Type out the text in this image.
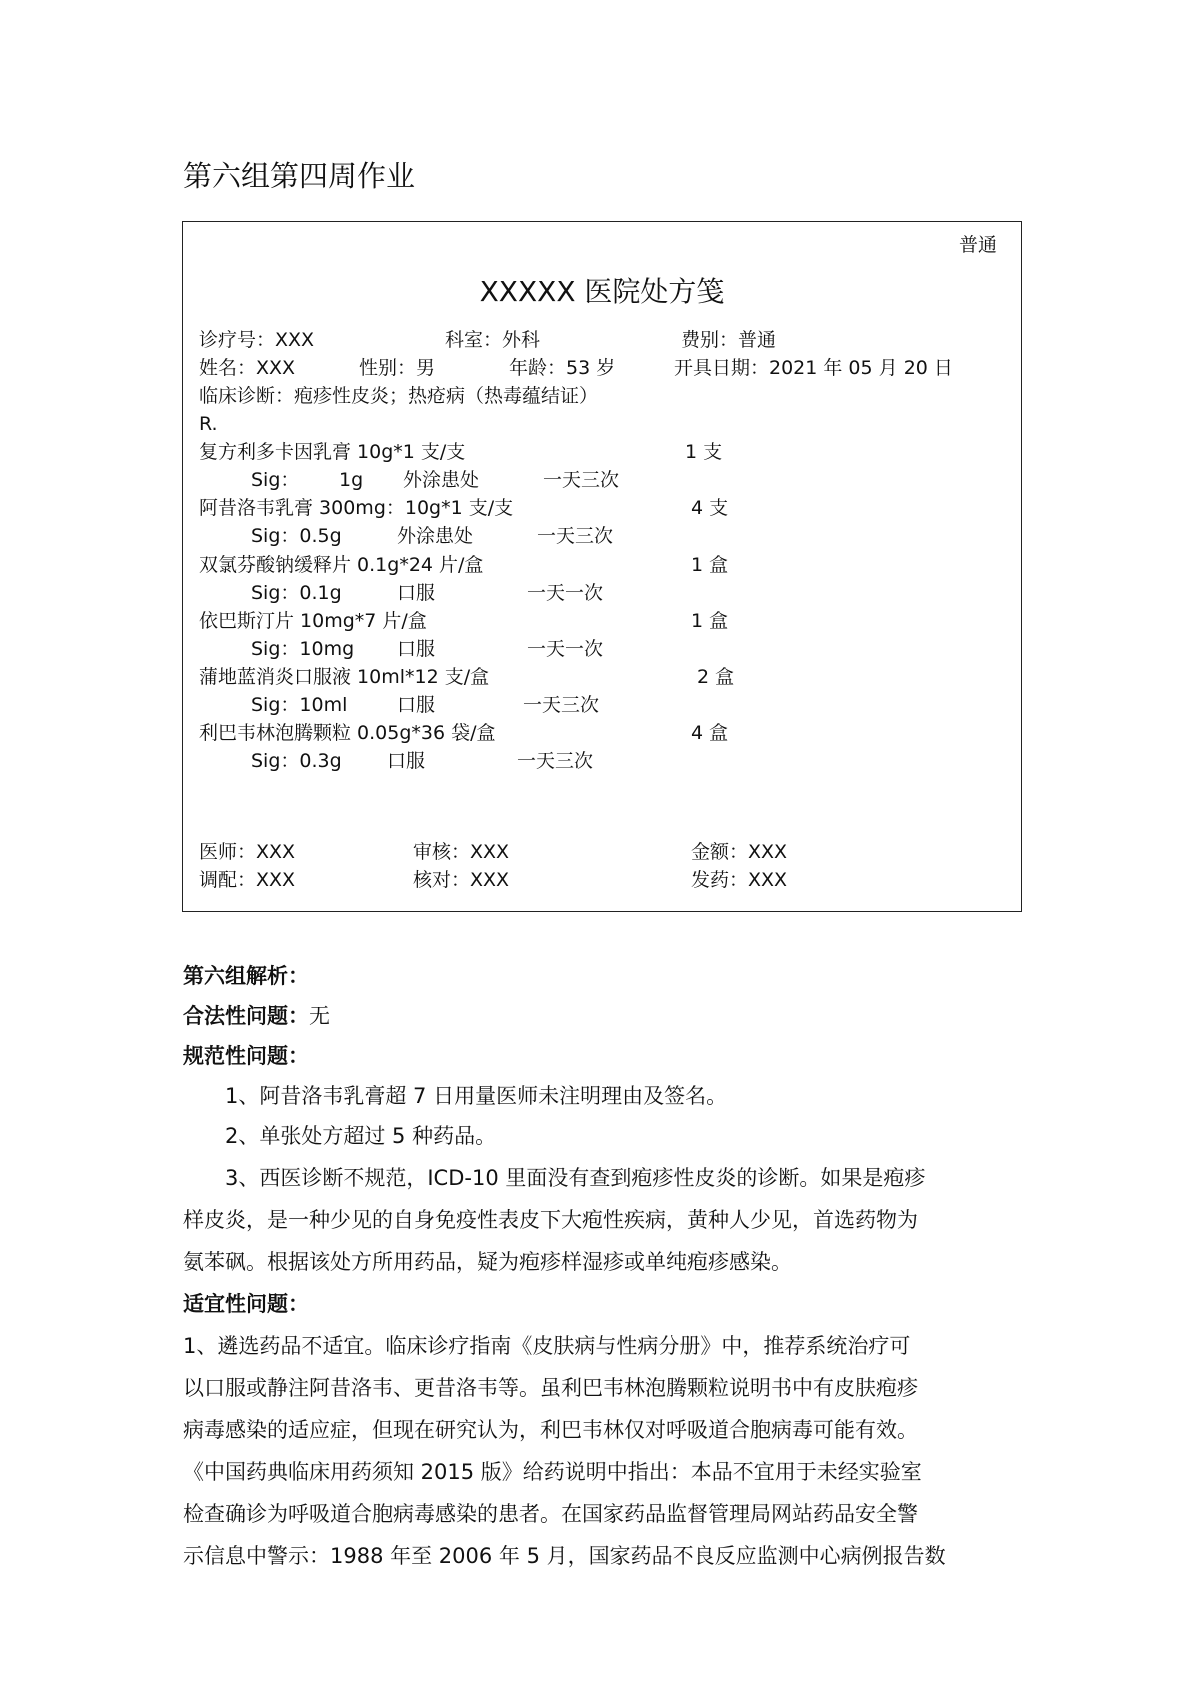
第六组第四周作业
普通
XXXXX 医院处方笺
诊疗号：XXX	科室：外科	费别：普通
姓名：XXX	性别：男	年龄：53 岁	开具日期：2021 年 05 月 20 日
临床诊断：疱疹性皮炎；热疮病（热毒蕴结证）
R.
复方利多卡因乳膏 10g*1 支/支	1 支
Sig： 1g 外涂患处	一天三次
阿昔洛韦乳膏 300mg：10g*1 支/支	4 支
Sig：0.5g	外涂患处	一天三次
双氯芬酸钠缓释片 0.1g*24 片/盒	1 盒
Sig：0.1g	口服	一天一次
依巴斯汀片 10mg*7 片/盒	1 盒
Sig：10mg 口服	一天一次
蒲地蓝消炎口服液 10ml*12 支/盒	2 盒
Sig：10ml	口服	一天三次
利巴韦林泡腾颗粒 0.05g*36 袋/盒	4 盒
Sig：0.3g 口服	一天三次
医师：XXX	审核：XXX	金额：XXX
调配：XXX	核对：XXX	发药：XXX
第六组解析：
合法性问题：无
规范性问题：
1、阿昔洛韦乳膏超 7 日用量医师未注明理由及签名。
2、单张处方超过 5 种药品。
3、西医诊断不规范，ICD-10 里面没有查到疱疹性皮炎的诊断。如果是疱疹
样皮炎，是一种少见的自身免疫性表皮下大疱性疾病，黄种人少见，首选药物为
氨苯砜。根据该处方所用药品，疑为疱疹样湿疹或单纯疱疹感染。
适宜性问题：
1、遴选药品不适宜。临床诊疗指南《皮肤病与性病分册》中，推荐系统治疗可
以口服或静注阿昔洛韦、更昔洛韦等。虽利巴韦林泡腾颗粒说明书中有皮肤疱疹
病毒感染的适应症，但现在研究认为，利巴韦林仅对呼吸道合胞病毒可能有效。
《中国药典临床用药须知 2015 版》给药说明中指出：本品不宜用于未经实验室
检查确诊为呼吸道合胞病毒感染的患者。在国家药品监督管理局网站药品安全警
示信息中警示：1988 年至 2006 年 5 月，国家药品不良反应监测中心病例报告数
